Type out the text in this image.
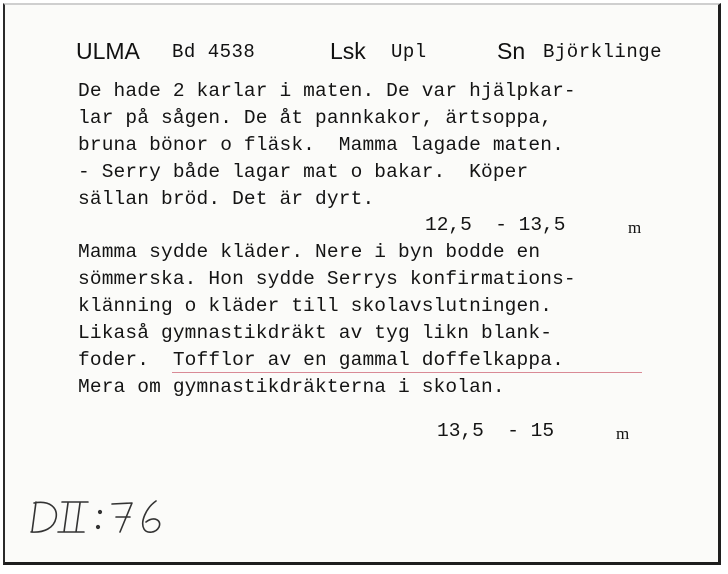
ULMA Bd 4538	Lsk Upl	Sn Björklinge
De hade 2 karlar i maten. De var hjälpkar-
lar på sågen. De åt pannkakor, ärtsoppa,
bruna bönor o fläsk.  Mamma lagade maten.
- Serry både lagar mat o bakar.  Köper
sällan bröd. Det är dyrt.
12,5  - 13,5	m
Mamma sydde kläder. Nere i byn bodde en
sömmerska. Hon sydde Serrys konfirmations-
klänning o kläder till skolavslutningen.
Likaså gymnastikdräkt av tyg likn blank-
foder.  Tofflor av en gammal doffelkappa.
Mera om gymnastikdräkterna i skolan.
13,5  - 15	m
